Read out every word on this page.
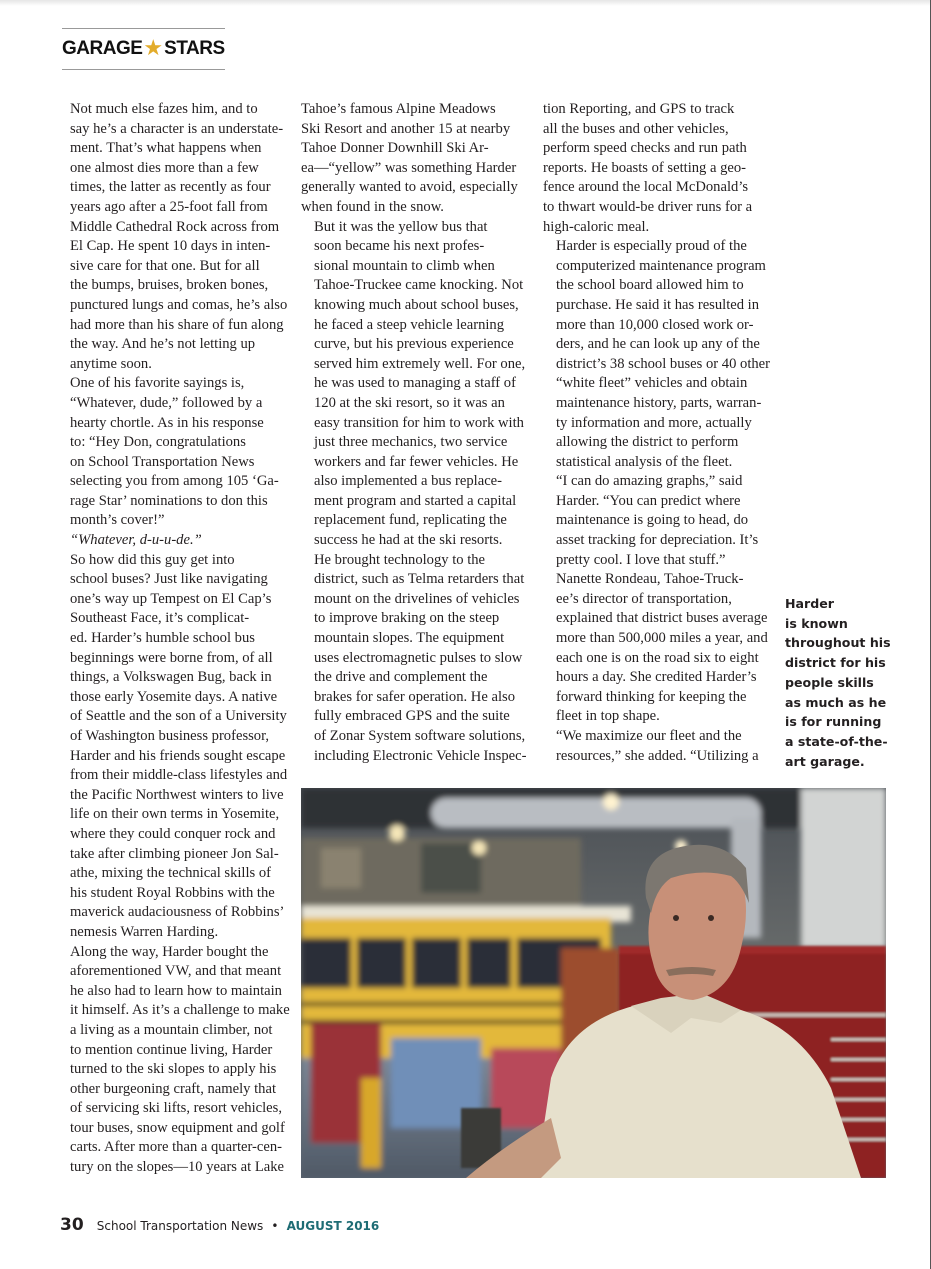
GARAGE ★ STARS

Not much else fazes him, and to
say he’s a character is an understate-
ment. That’s what happens when
one almost dies more than a few
times, the latter as recently as four
years ago after a 25-foot fall from
Middle Cathedral Rock across from
El Cap. He spent 10 days in inten-
sive care for that one. But for all
the bumps, bruises, broken bones,
punctured lungs and comas, he’s also
had more than his share of fun along
the way. And he’s not letting up
anytime soon.

One of his favorite sayings is,
“Whatever, dude,” followed by a
hearty chortle. As in his response
to: “Hey Don, congratulations
on School Transportation News
selecting you from among 105 ‘Ga-
rage Star’ nominations to don this
month’s cover!”

“Whatever, d-u-u-de.”

So how did this guy get into
school buses? Just like navigating
one’s way up Tempest on El Cap’s
Southeast Face, it’s complicat-
ed. Harder’s humble school bus
beginnings were borne from, of all
things, a Volkswagen Bug, back in
those early Yosemite days. A native
of Seattle and the son of a University
of Washington business professor,
Harder and his friends sought escape
from their middle-class lifestyles and
the Pacific Northwest winters to live
life on their own terms in Yosemite,
where they could conquer rock and
take after climbing pioneer Jon Sal-
athe, mixing the technical skills of
his student Royal Robbins with the
maverick audaciousness of Robbins’
nemesis Warren Harding.

Along the way, Harder bought the
aforementioned VW, and that meant
he also had to learn how to maintain
it himself. As it’s a challenge to make
a living as a mountain climber, not
to mention continue living, Harder
turned to the ski slopes to apply his
other burgeoning craft, namely that
of servicing ski lifts, resort vehicles,
tour buses, snow equipment and golf
carts. After more than a quarter-cen-
tury on the slopes—10 years at Lake

Tahoe’s famous Alpine Meadows
Ski Resort and another 15 at nearby
Tahoe Donner Downhill Ski Ar-
ea—“yellow” was something Harder
generally wanted to avoid, especially
when found in the snow.

But it was the yellow bus that
soon became his next profes-
sional mountain to climb when
Tahoe-Truckee came knocking. Not
knowing much about school buses,
he faced a steep vehicle learning
curve, but his previous experience
served him extremely well. For one,
he was used to managing a staff of
120 at the ski resort, so it was an
easy transition for him to work with
just three mechanics, two service
workers and far fewer vehicles. He
also implemented a bus replace-
ment program and started a capital
replacement fund, replicating the
success he had at the ski resorts.

He brought technology to the
district, such as Telma retarders that
mount on the drivelines of vehicles
to improve braking on the steep
mountain slopes. The equipment
uses electromagnetic pulses to slow
the drive and complement the
brakes for safer operation. He also
fully embraced GPS and the suite
of Zonar System software solutions,
including Electronic Vehicle Inspec-

tion Reporting, and GPS to track
all the buses and other vehicles,
perform speed checks and run path
reports. He boasts of setting a geo-
fence around the local McDonald’s
to thwart would-be driver runs for a
high-caloric meal.

Harder is especially proud of the
computerized maintenance program
the school board allowed him to
purchase. He said it has resulted in
more than 10,000 closed work or-
ders, and he can look up any of the
district’s 38 school buses or 40 other
“white fleet” vehicles and obtain
maintenance history, parts, warran-
ty information and more, actually
allowing the district to perform
statistical analysis of the fleet.

“I can do amazing graphs,” said
Harder. “You can predict where
maintenance is going to head, do
asset tracking for depreciation. It’s
pretty cool. I love that stuff.”

Nanette Rondeau, Tahoe-Truck-
ee’s director of transportation,
explained that district buses average
more than 500,000 miles a year, and
each one is on the road six to eight
hours a day. She credited Harder’s
forward thinking for keeping the
fleet in top shape.

“We maximize our fleet and the
resources,” she added. “Utilizing a

Harder
is known
throughout his
district for his
people skills
as much as he
is for running
a state-of-the-
art garage.
30 School Transportation News • AUGUST 2016
